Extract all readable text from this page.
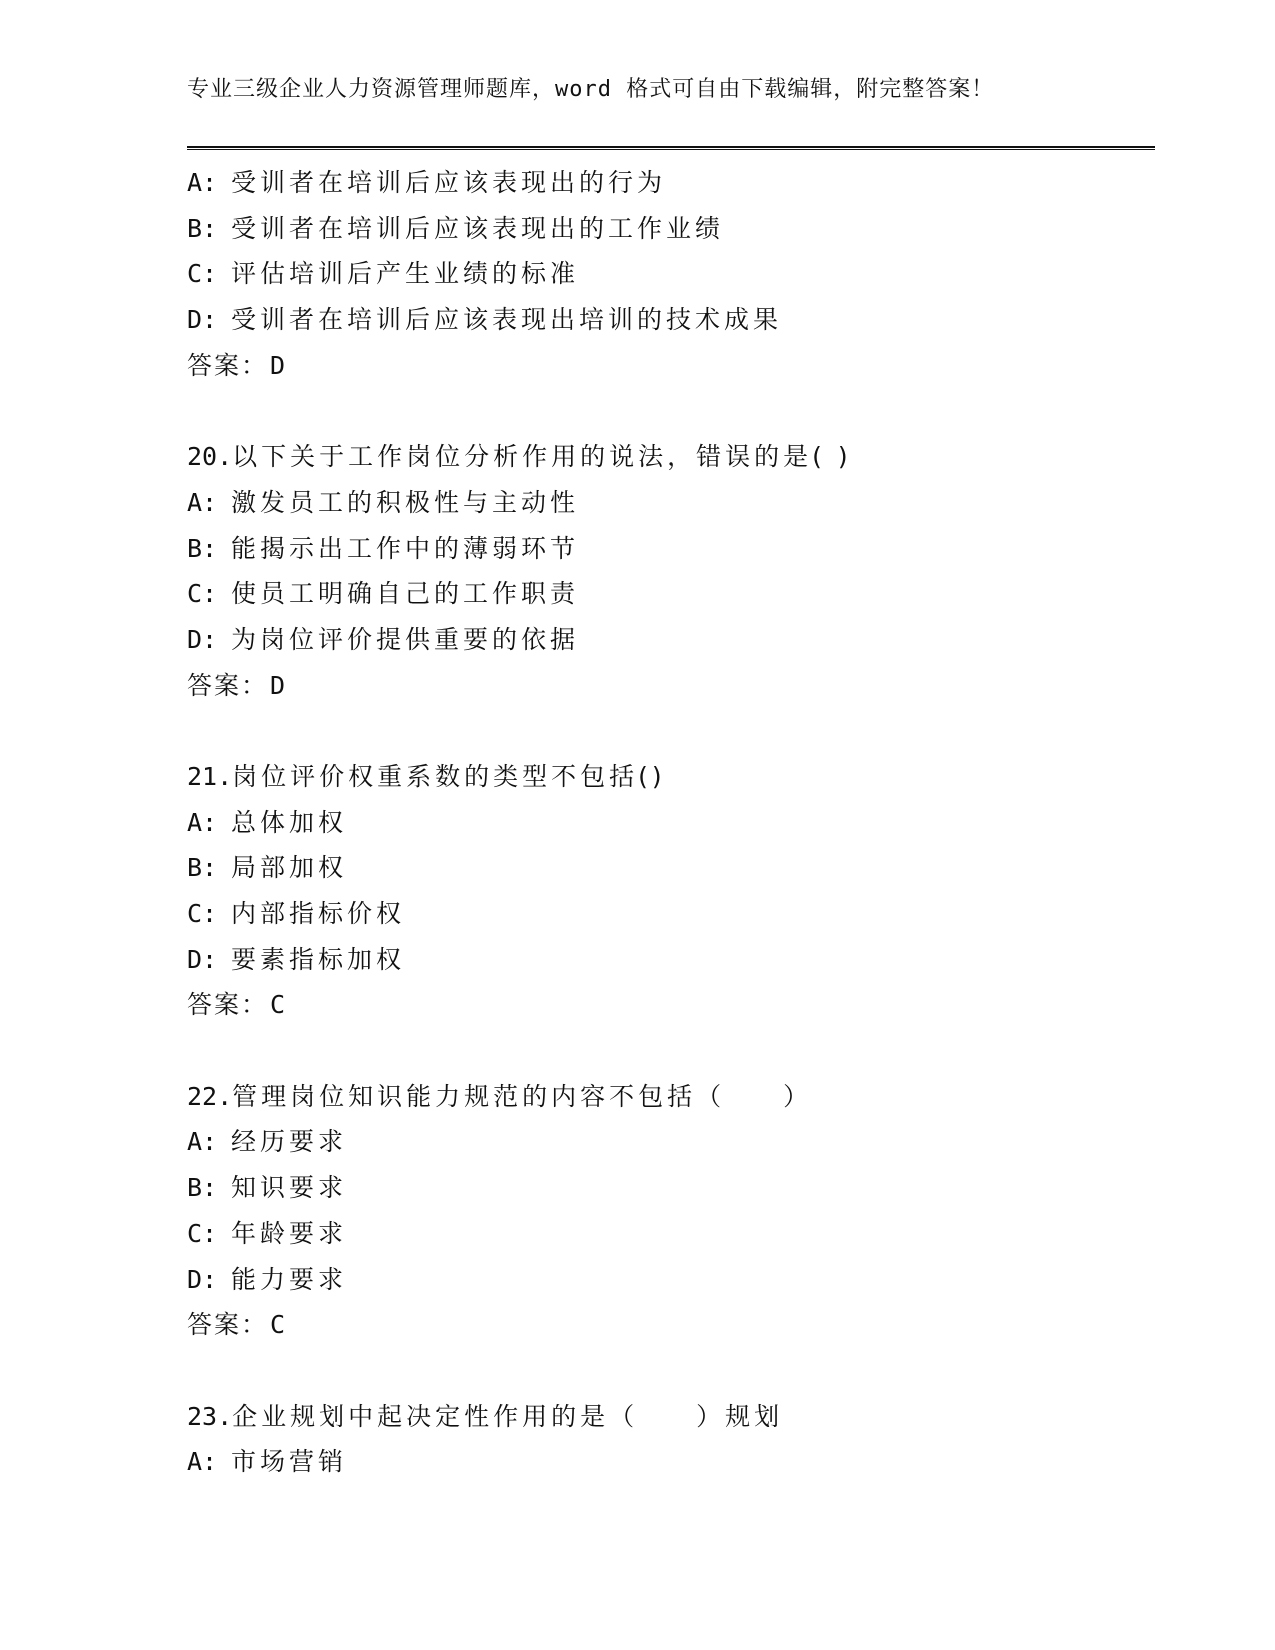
专业三级企业人力资源管理师题库，word 格式可自由下载编辑，附完整答案！
A: 受训者在培训后应该表现出的行为
B: 受训者在培训后应该表现出的工作业绩
C: 评估培训后产生业绩的标准
D: 受训者在培训后应该表现出培训的技术成果
答案：D
20.以下关于工作岗位分析作用的说法，错误的是( )
A: 激发员工的积极性与主动性
B: 能揭示出工作中的薄弱环节
C: 使员工明确自己的工作职责
D: 为岗位评价提供重要的依据
答案：D
21.岗位评价权重系数的类型不包括()
A: 总体加权
B: 局部加权
C: 内部指标价权
D: 要素指标加权
答案：C
22.管理岗位知识能力规范的内容不包括（　　）
A: 经历要求
B: 知识要求
C: 年龄要求
D: 能力要求
答案：C
23.企业规划中起决定性作用的是（　　）规划
A: 市场营销
